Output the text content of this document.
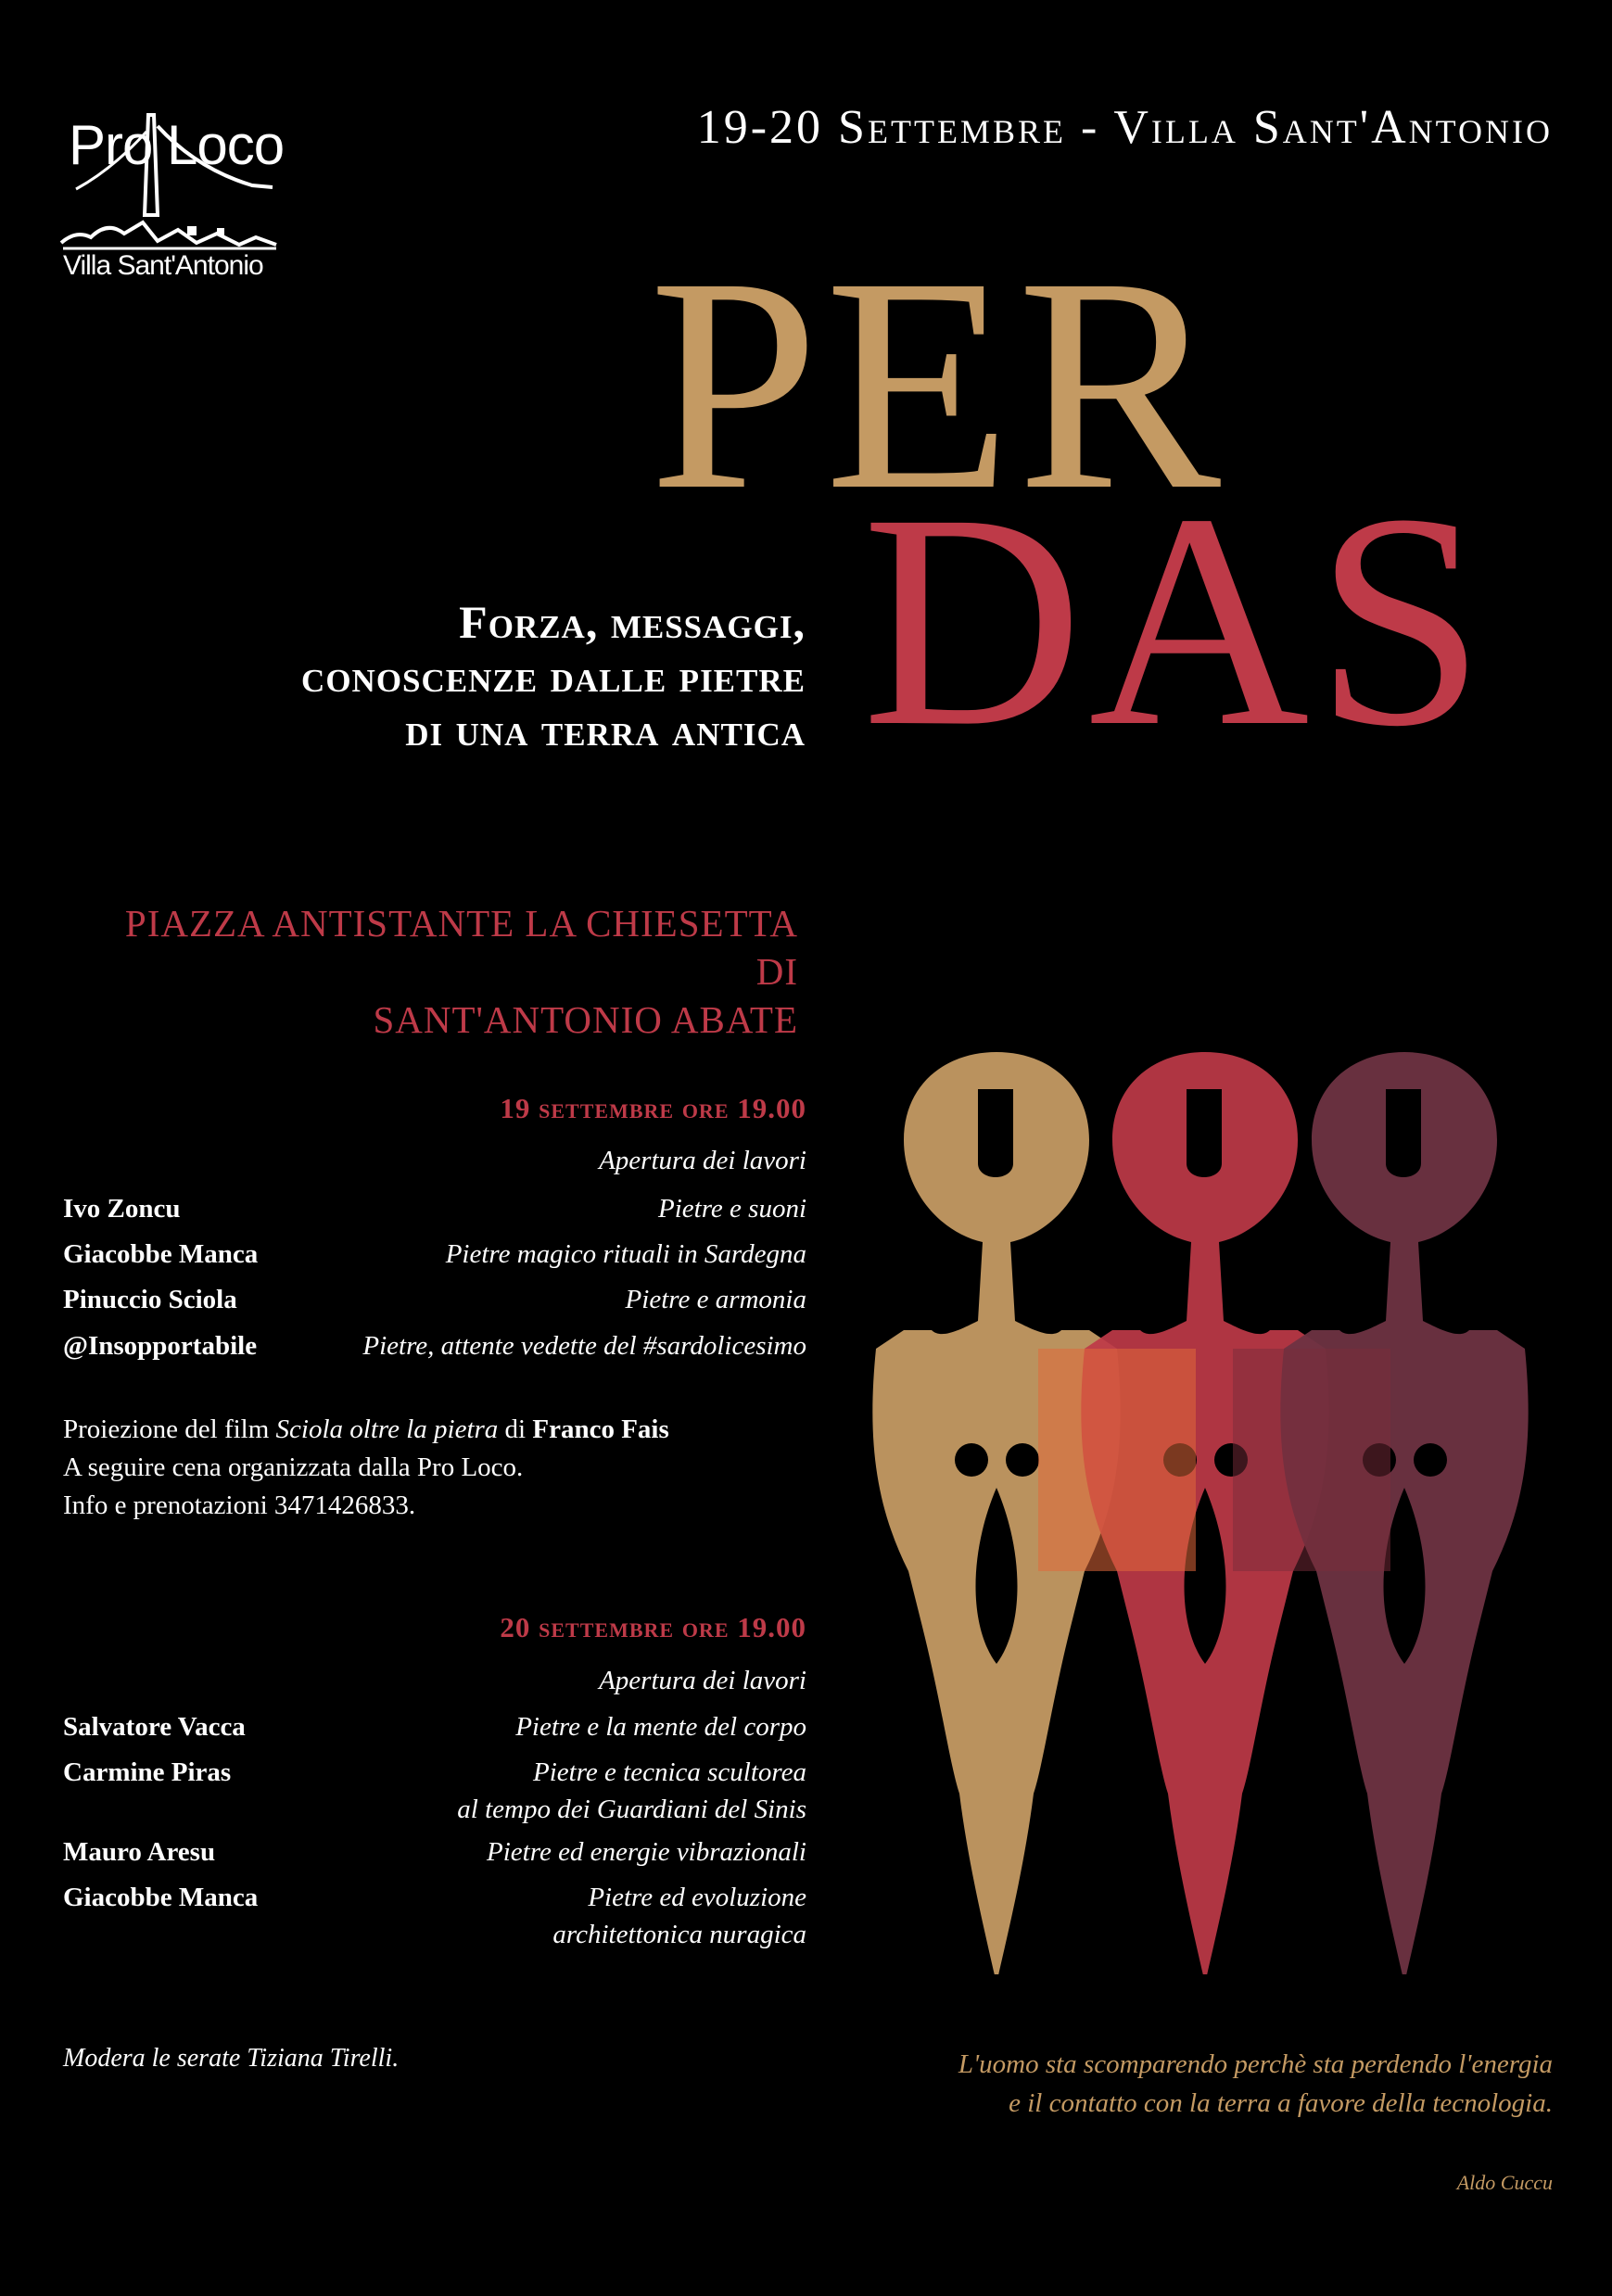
Pro Loco
Villa Sant'Antonio
19-20 Settembre - Villa Sant'Antonio
PER
DAS
Forza, messaggi,
conoscenze dalle pietre
di una terra antica
PIAZZA ANTISTANTE LA CHIESETTA DI
SANT'ANTONIO ABATE
19 settembre ore 19.00
Apertura dei lavori
Ivo Zoncu	Pietre e suoni
Giacobbe Manca	Pietre magico rituali in Sardegna
Pinuccio Sciola	Pietre e armonia
@Insopportabile	Pietre, attente vedette del #sardolicesimo
Proiezione del film Sciola oltre la pietra di Franco Fais
A seguire cena organizzata dalla Pro Loco.
Info e prenotazioni 3471426833.
20 settembre ore 19.00
Apertura dei lavori
Salvatore Vacca	Pietre e la mente del corpo
Carmine Piras	Pietre e tecnica scultorea
al tempo dei Guardiani del Sinis
Mauro Aresu	Pietre ed energie vibrazionali
Giacobbe Manca	Pietre ed evoluzione
architettonica nuragica
Modera le serate Tiziana Tirelli.	L'uomo sta scomparendo perchè sta perdendo l'energia
e il contatto con la terra a favore della tecnologia.
Aldo Cuccu
